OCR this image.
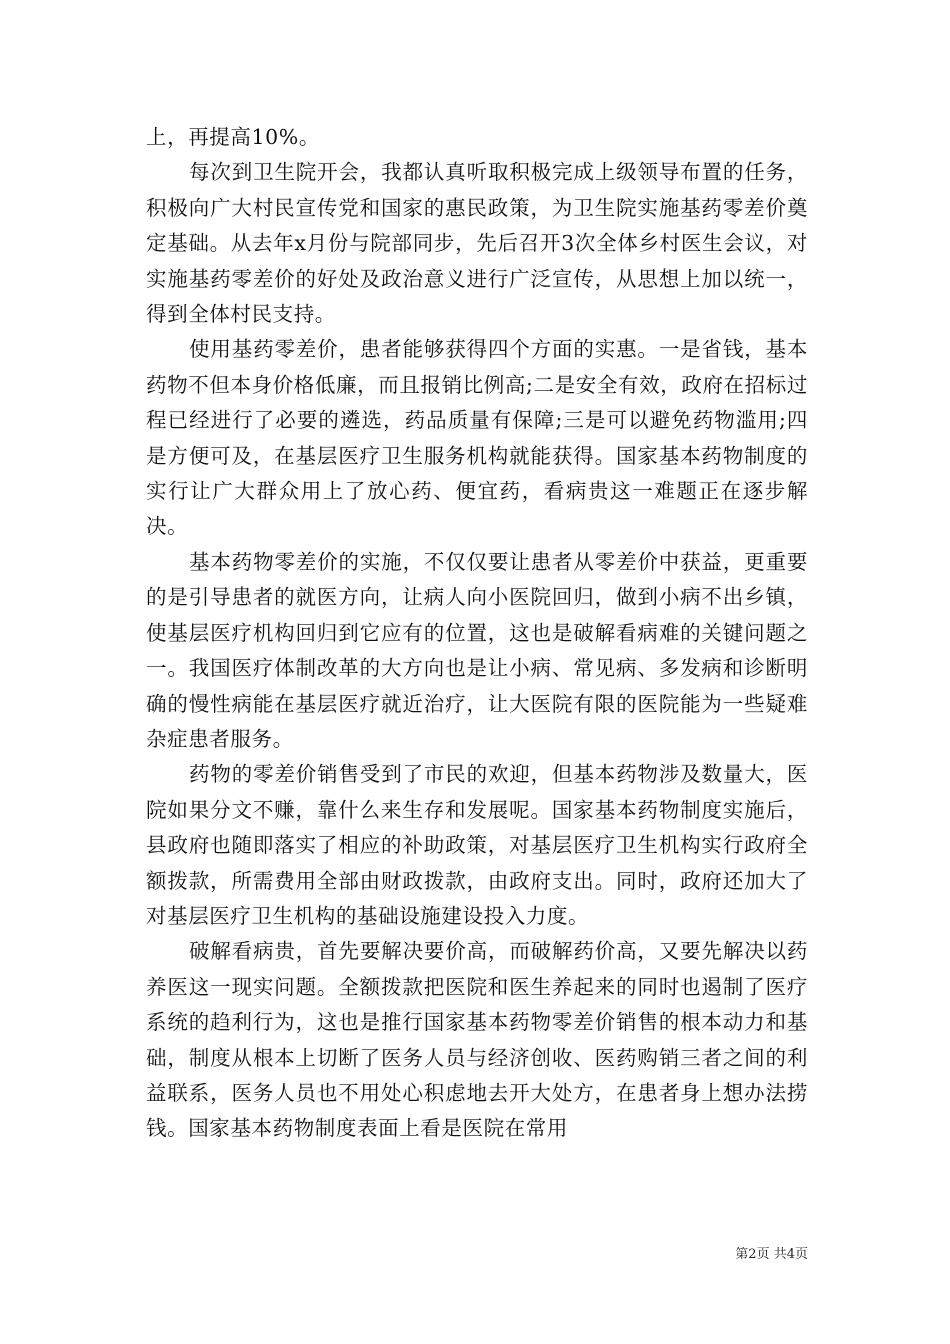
上，再提高10%。

每次到卫生院开会，我都认真听取积极完成上级领导布置的任务，积极向广大村民宣传党和国家的惠民政策，为卫生院实施基药零差价奠定基础。从去年x月份与院部同步，先后召开3次全体乡村医生会议，对实施基药零差价的好处及政治意义进行广泛宣传，从思想上加以统一，得到全体村民支持。

使用基药零差价，患者能够获得四个方面的实惠。一是省钱，基本药物不但本身价格低廉，而且报销比例高;二是安全有效，政府在招标过程已经进行了必要的遴选，药品质量有保障;三是可以避免药物滥用;四是方便可及，在基层医疗卫生服务机构就能获得。国家基本药物制度的实行让广大群众用上了放心药、便宜药，看病贵这一难题正在逐步解决。

基本药物零差价的实施，不仅仅要让患者从零差价中获益，更重要的是引导患者的就医方向，让病人向小医院回归，做到小病不出乡镇，使基层医疗机构回归到它应有的位置，这也是破解看病难的关键问题之一。我国医疗体制改革的大方向也是让小病、常见病、多发病和诊断明确的慢性病能在基层医疗就近治疗，让大医院有限的医院能为一些疑难杂症患者服务。

药物的零差价销售受到了市民的欢迎，但基本药物涉及数量大，医院如果分文不赚，靠什么来生存和发展呢。国家基本药物制度实施后，县政府也随即落实了相应的补助政策，对基层医疗卫生机构实行政府全额拨款，所需费用全部由财政拨款，由政府支出。同时，政府还加大了对基层医疗卫生机构的基础设施建设投入力度。

破解看病贵，首先要解决要价高，而破解药价高，又要先解决以药养医这一现实问题。全额拨款把医院和医生养起来的同时也遏制了医疗系统的趋利行为，这也是推行国家基本药物零差价销售的根本动力和基础，制度从根本上切断了医务人员与经济创收、医药购销三者之间的利益联系，医务人员也不用处心积虑地去开大处方，在患者身上想办法捞钱。国家基本药物制度表面上看是医院在常用

第2页 共4页
